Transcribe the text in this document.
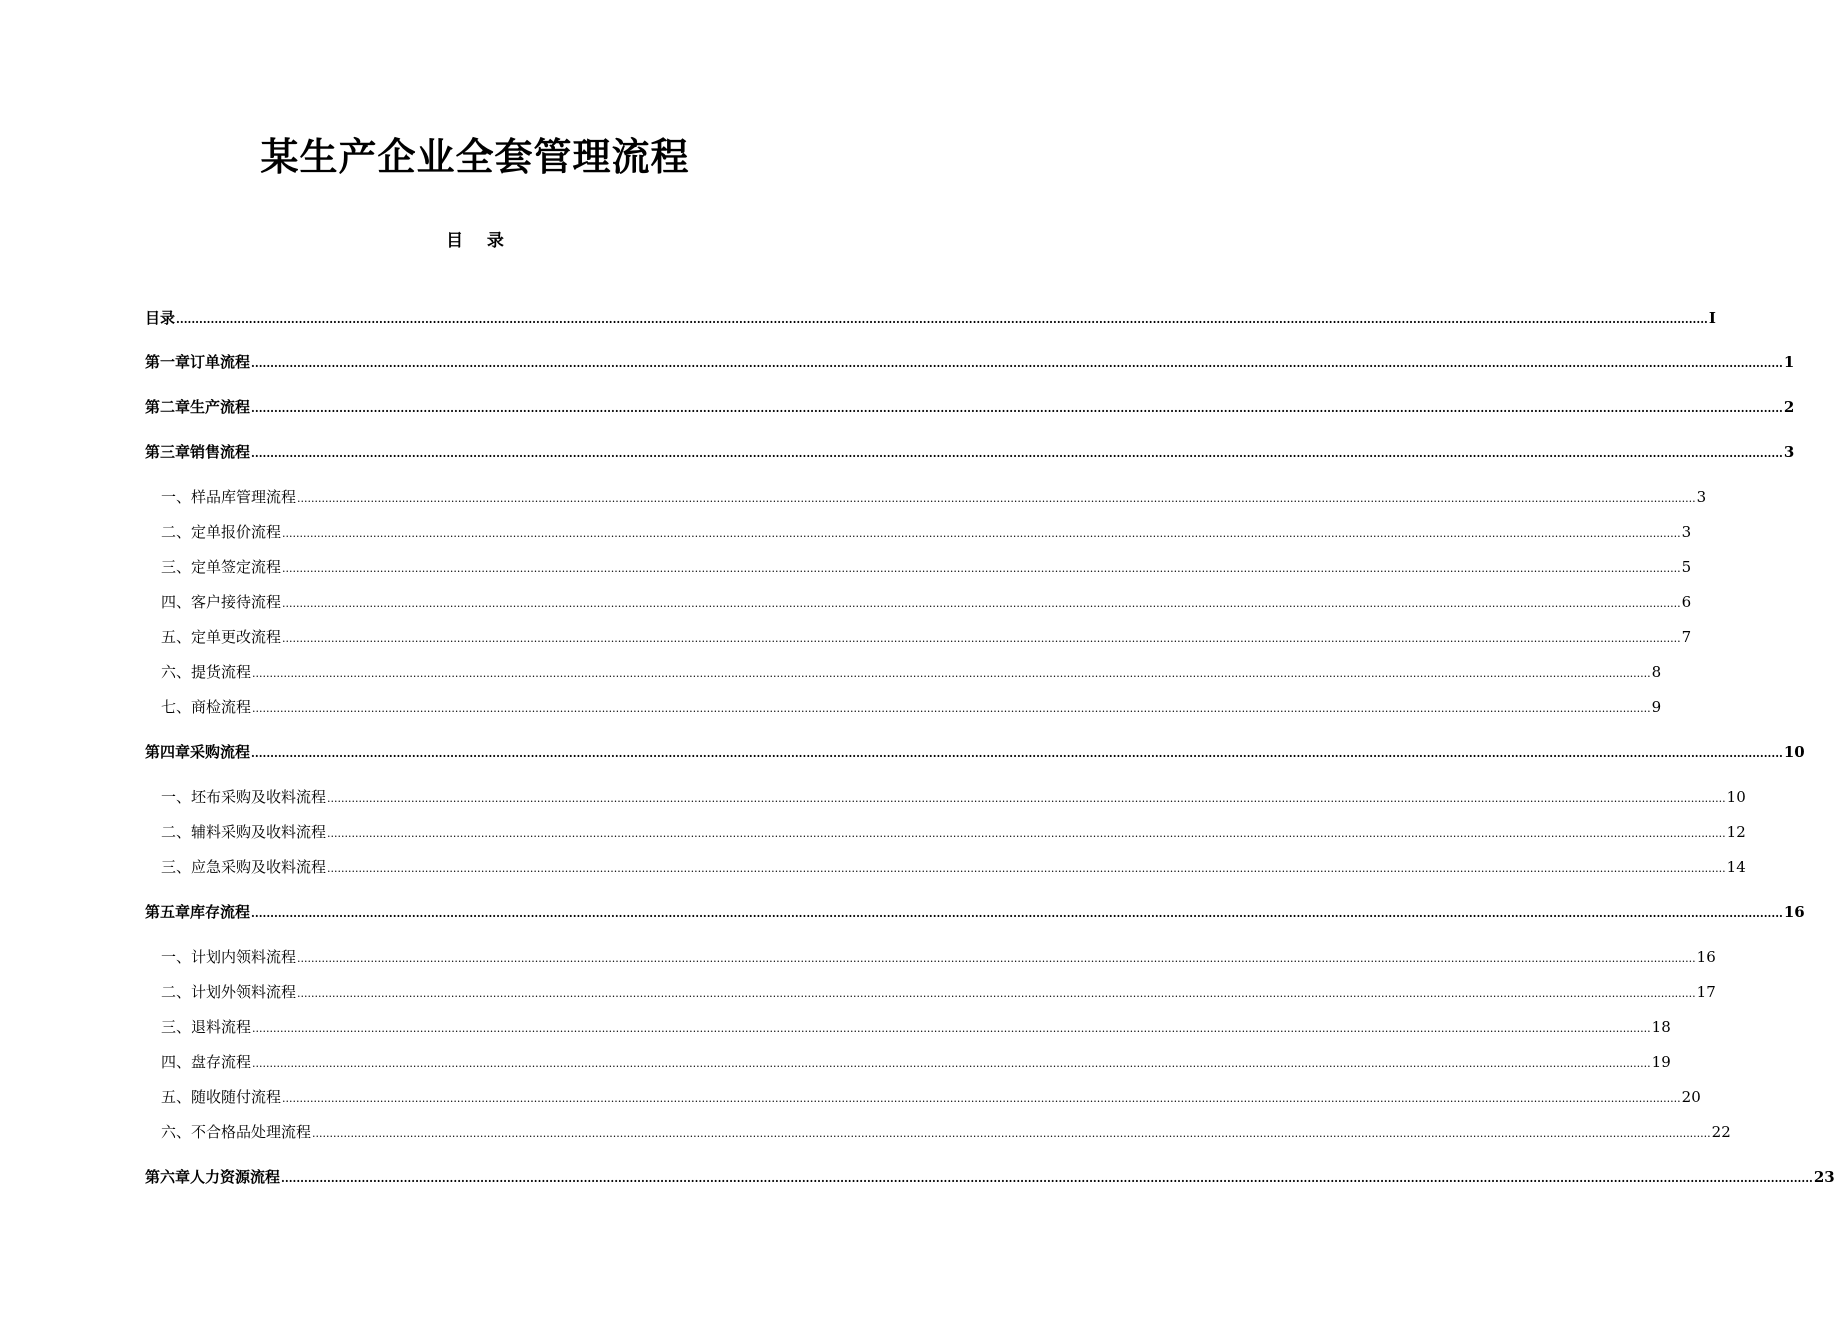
某生产企业全套管理流程
目    录
目 录 ................................................................................................................................................................................................................................................................................................................................................................................................................ I
第一章 订单流程 ................................................................................................................................................................................................................................................................................................................................................................................................................ 1
第二章 生产流程 ................................................................................................................................................................................................................................................................................................................................................................................................................ 2
第三章 销售流程 ................................................................................................................................................................................................................................................................................................................................................................................................................ 3
一、 样品库管理流程 ................................................................................................................................................................................................................................................................................................................................................................................................................ 3
二、 定单报价流程 ................................................................................................................................................................................................................................................................................................................................................................................................................ 3
三、 定单签定流程 ................................................................................................................................................................................................................................................................................................................................................................................................................ 5
四、 客户接待流程 ................................................................................................................................................................................................................................................................................................................................................................................................................ 6
五、 定单更改流程 ................................................................................................................................................................................................................................................................................................................................................................................................................ 7
六、 提货流程 ................................................................................................................................................................................................................................................................................................................................................................................................................ 8
七、 商检流程 ................................................................................................................................................................................................................................................................................................................................................................................................................ 9
第四章 采购流程 ................................................................................................................................................................................................................................................................................................................................................................................................................ 10
一、 坯布采购及收料流程 ................................................................................................................................................................................................................................................................................................................................................................................................................ 10
二、 辅料采购及收料流程 ................................................................................................................................................................................................................................................................................................................................................................................................................ 12
三、 应急采购及收料流程 ................................................................................................................................................................................................................................................................................................................................................................................................................ 14
第五章 库存流程 ................................................................................................................................................................................................................................................................................................................................................................................................................ 16
一、 计划内领料流程 ................................................................................................................................................................................................................................................................................................................................................................................................................ 16
二、 计划外领料流程 ................................................................................................................................................................................................................................................................................................................................................................................................................ 17
三、 退料流程 ................................................................................................................................................................................................................................................................................................................................................................................................................ 18
四、 盘存流程 ................................................................................................................................................................................................................................................................................................................................................................................................................ 19
五、 随收随付流程 ................................................................................................................................................................................................................................................................................................................................................................................................................ 20
六、 不合格品处理流程 ................................................................................................................................................................................................................................................................................................................................................................................................................ 22
第六章 人力资源流程 ................................................................................................................................................................................................................................................................................................................................................................................................................ 23
